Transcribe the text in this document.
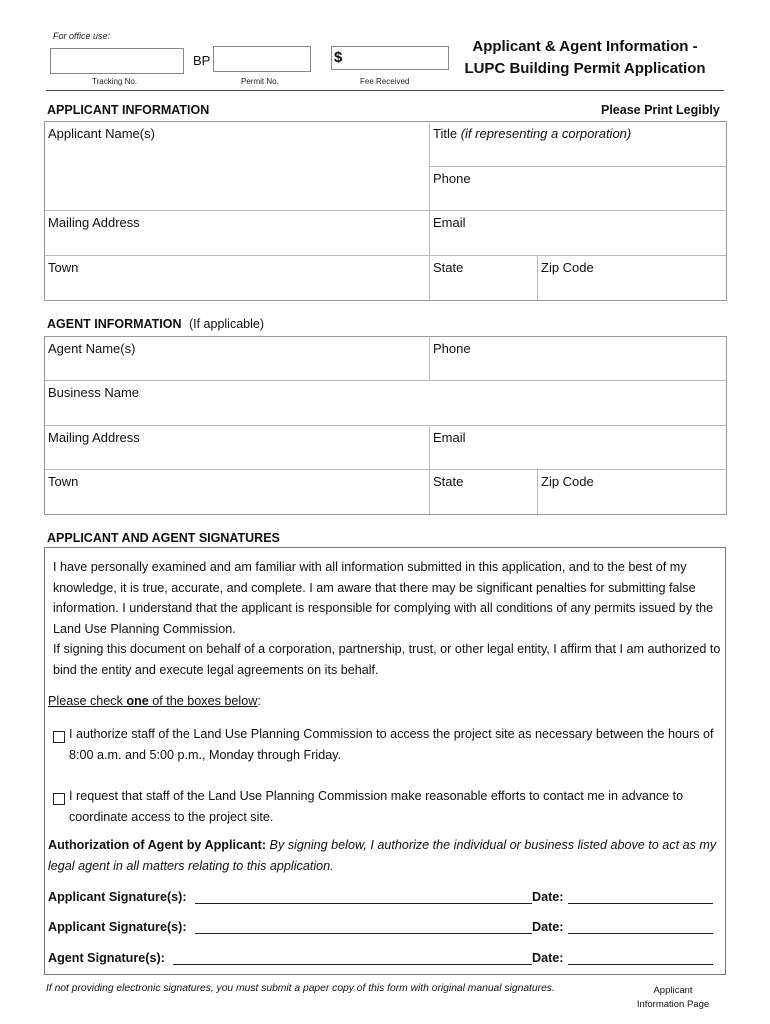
For office use:
BP	$
Tracking No.	Permit No.	Fee Received
Applicant & Agent Information -
LUPC Building Permit Application
APPLICANT INFORMATION	Please Print Legibly
Applicant Name(s)	Title (if representing a corporation)
Phone
Mailing Address	Email
Town	State	Zip Code
AGENT INFORMATION (If applicable)
Agent Name(s)	Phone
Business Name
Mailing Address	Email
Town	State	Zip Code
APPLICANT AND AGENT SIGNATURES
I have personally examined and am familiar with all information submitted in this application, and to the best of my knowledge, it is true, accurate, and complete. I am aware that there may be significant penalties for submitting false information. I understand that the applicant is responsible for complying with all conditions of any permits issued by the Land Use Planning Commission.
If signing this document on behalf of a corporation, partnership, trust, or other legal entity, I affirm that I am authorized to bind the entity and execute legal agreements on its behalf.
Please check one of the boxes below:
I authorize staff of the Land Use Planning Commission to access the project site as necessary between the hours of 8:00 a.m. and 5:00 p.m., Monday through Friday.
I request that staff of the Land Use Planning Commission make reasonable efforts to contact me in advance to coordinate access to the project site.
Authorization of Agent by Applicant: By signing below, I authorize the individual or business listed above to act as my legal agent in all matters relating to this application.
Applicant Signature(s):	Date:
Applicant Signature(s):	Date:
Agent Signature(s):	Date:
If not providing electronic signatures, you must submit a paper copy of this form with original manual signatures.	Applicant
Information Page
